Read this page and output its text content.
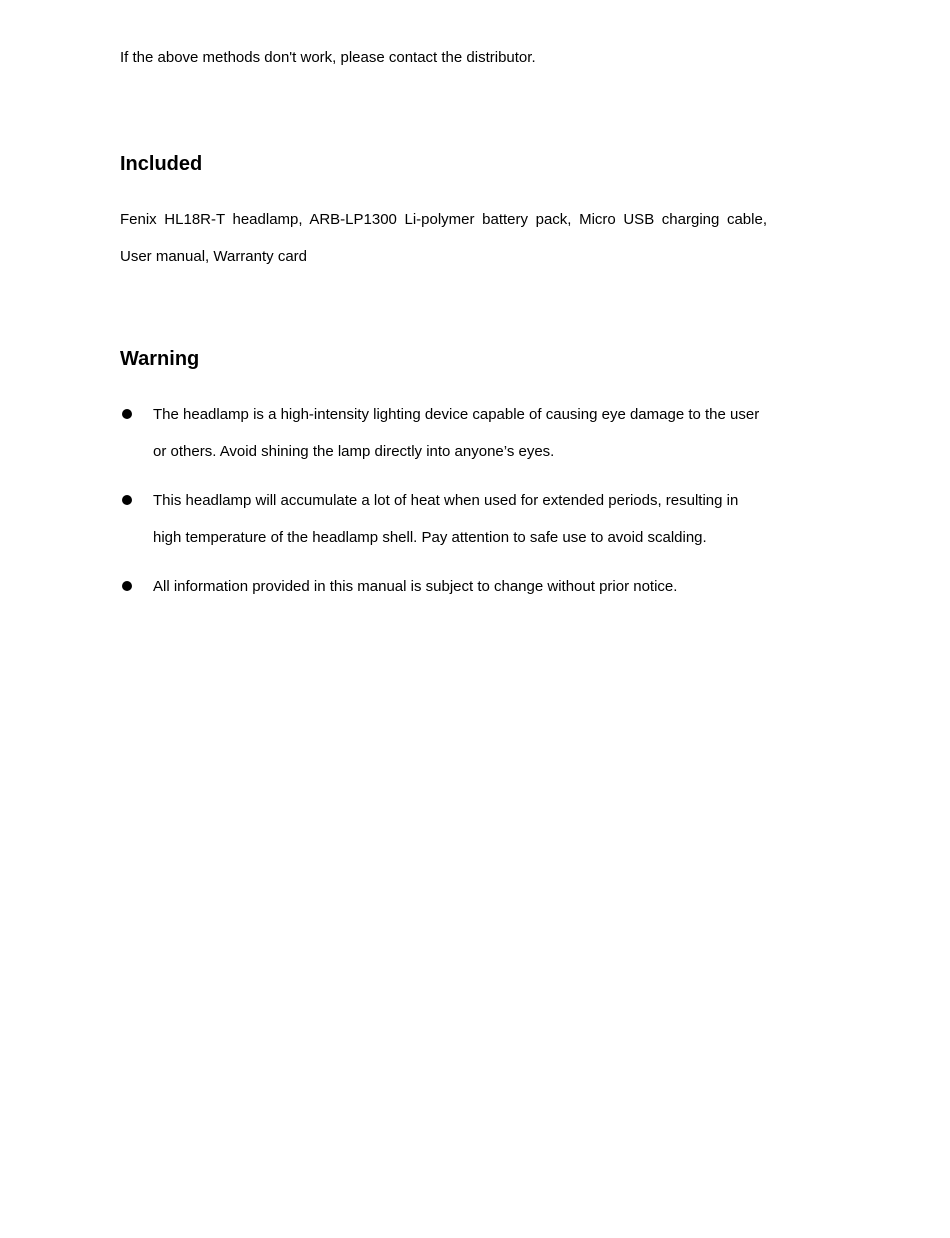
If the above methods don't work, please contact the distributor.

Included

Fenix HL18R-T headlamp, ARB-LP1300 Li-polymer battery pack, Micro USB charging cable, User manual, Warranty card

Warning
The headlamp is a high-intensity lighting device capable of causing eye damage to the user or others. Avoid shining the lamp directly into anyone’s eyes.
This headlamp will accumulate a lot of heat when used for extended periods, resulting in high temperature of the headlamp shell. Pay attention to safe use to avoid scalding.
All information provided in this manual is subject to change without prior notice.
